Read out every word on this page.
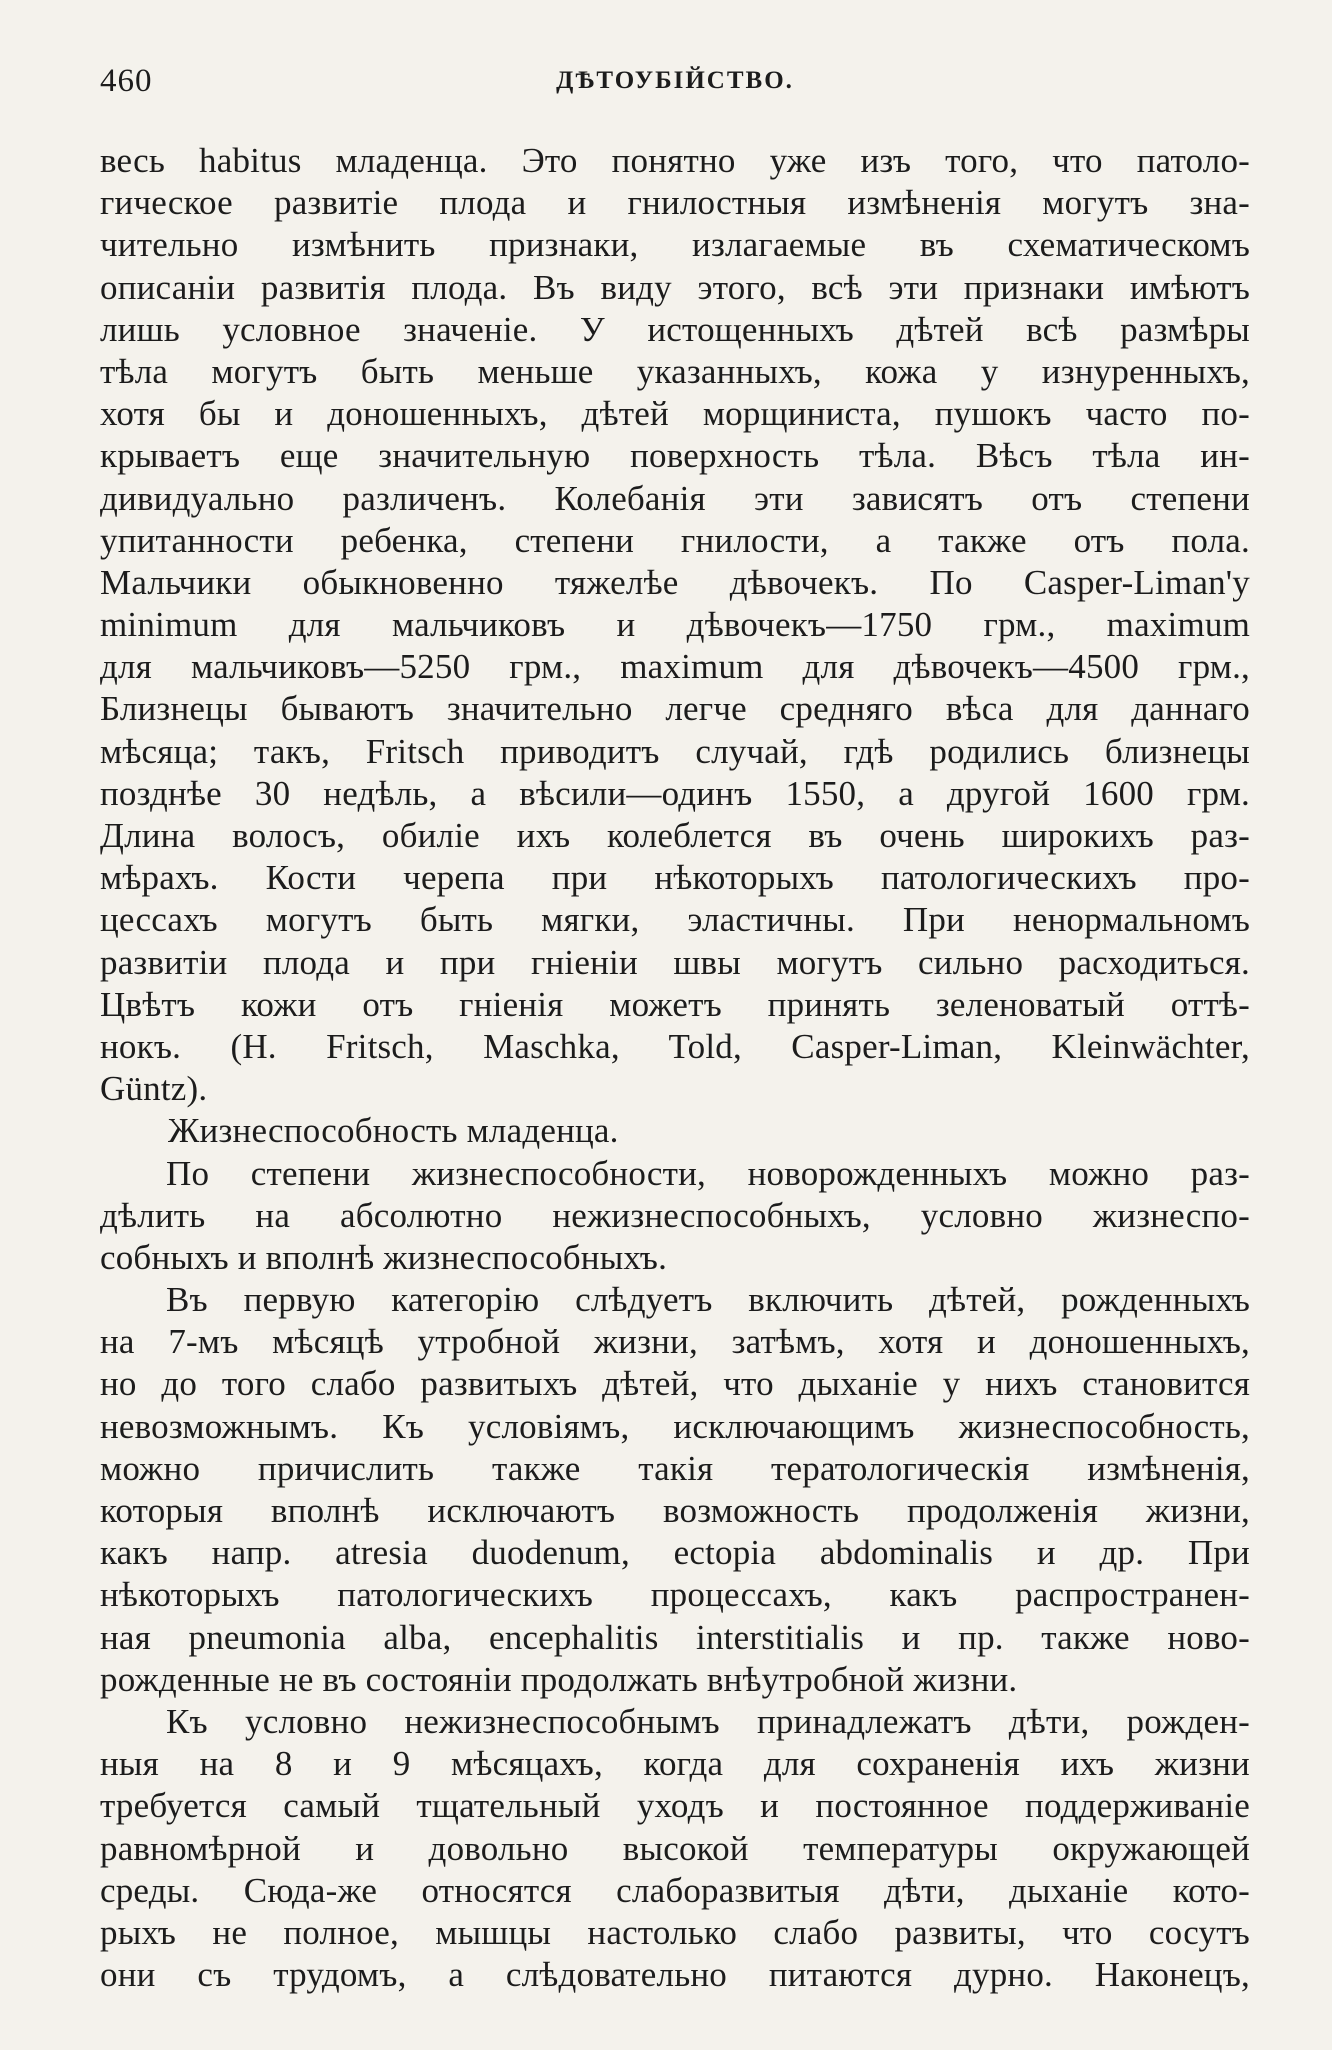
460	ДѢТОУБІЙСТВО.
весь habitus младенца. Это понятно уже изъ того, что патоло-
гическое развитіе плода и гнилостныя измѣненія могутъ зна-
чительно измѣнить признаки, излагаемые въ схематическомъ
описаніи развитія плода. Въ виду этого, всѣ эти признаки имѣютъ
лишь условное значеніе. У истощенныхъ дѣтей всѣ размѣры
тѣла могутъ быть меньше указанныхъ, кожа у изнуренныхъ,
хотя бы и доношенныхъ, дѣтей морщиниста, пушокъ часто по-
крываетъ еще значительную поверхность тѣла. Вѣсъ тѣла ин-
дивидуально различенъ. Колебанія эти зависятъ отъ степени
упитанности ребенка, степени гнилости, а также отъ пола.
Мальчики обыкновенно тяжелѣе дѣвочекъ. По Casper-Liman'у
minimum для мальчиковъ и дѣвочекъ—1750 грм., maximum
для мальчиковъ—5250 грм., maximum для дѣвочекъ—4500 грм.,
Близнецы бываютъ значительно легче средняго вѣса для даннаго
мѣсяца; такъ, Fritsch приводитъ случай, гдѣ родились близнецы
позднѣе 30 недѣль, а вѣсили—одинъ 1550, а другой 1600 грм.
Длина волосъ, обиліе ихъ колеблется въ очень широкихъ раз-
мѣрахъ. Кости черепа при нѣкоторыхъ патологическихъ про-
цессахъ могутъ быть мягки, эластичны. При ненормальномъ
развитіи плода и при гніеніи швы могутъ сильно расходиться.
Цвѣтъ кожи отъ гніенія можетъ принять зеленоватый оттѣ-
нокъ. (H. Fritsch, Maschka, Told, Casper-Liman, Kleinwächter,
Güntz).
Жизнеспособность младенца.
По степени жизнеспособности, новорожденныхъ можно раз-
дѣлить на абсолютно нежизнеспособныхъ, условно жизнеспо-
собныхъ и вполнѣ жизнеспособныхъ.
Въ первую категорію слѣдуетъ включить дѣтей, рожденныхъ
на 7-мъ мѣсяцѣ утробной жизни, затѣмъ, хотя и доношенныхъ,
но до того слабо развитыхъ дѣтей, что дыханіе у нихъ становится
невозможнымъ. Къ условіямъ, исключающимъ жизнеспособность,
можно причислить также такія тератологическія измѣненія,
которыя вполнѣ исключаютъ возможность продолженія жизни,
какъ напр. atresia duodenum, ectopia abdominalis и др. При
нѣкоторыхъ патологическихъ процессахъ, какъ распространен-
ная pneumonia alba, encephalitis interstitialis и пр. также ново-
рожденные не въ состояніи продолжать внѣутробной жизни.
Къ условно нежизнеспособнымъ принадлежатъ дѣти, рожден-
ныя на 8 и 9 мѣсяцахъ, когда для сохраненія ихъ жизни
требуется самый тщательный уходъ и постоянное поддерживаніе
равномѣрной и довольно высокой температуры окружающей
среды. Сюда-же относятся слаборазвитыя дѣти, дыханіе кото-
рыхъ не полное, мышцы настолько слабо развиты, что сосутъ
они съ трудомъ, а слѣдовательно питаются дурно. Наконецъ,
